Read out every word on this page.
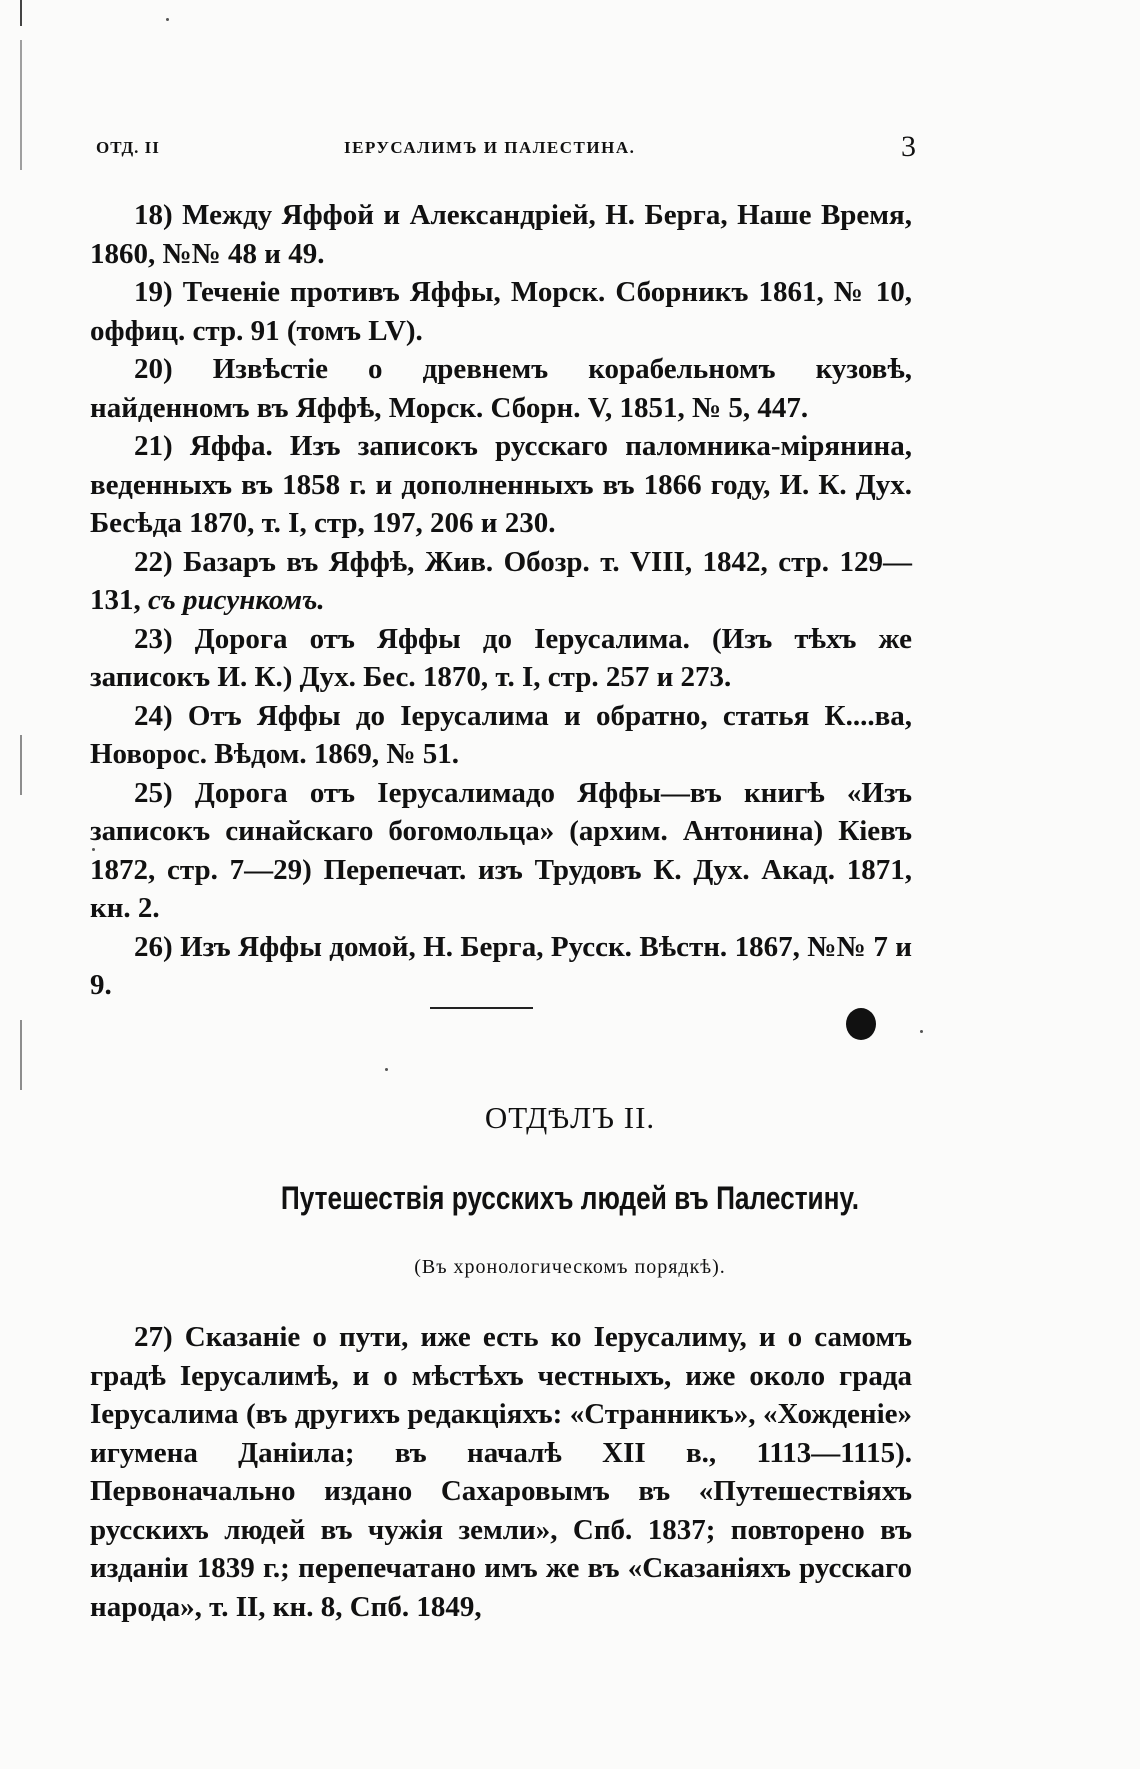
ОТД. II	ІЕРУСАЛИМЪ И ПАЛЕСТИНА.	3

18) Между Яффой и Александріей, Н. Берга, Наше Время, 1860, №№ 48 и 49.

19) Теченіе противъ Яффы, Морск. Сборникъ 1861, № 10, оффиц. стр. 91 (томъ LV).

20) Извѣстіе о древнемъ корабельномъ кузовѣ, найденномъ въ Яффѣ, Морск. Сборн. V, 1851, № 5, 447.

21) Яффа. Изъ записокъ русскаго паломника-мірянина, веденныхъ въ 1858 г. и дополненныхъ въ 1866 году, И. К. Дух. Бесѣда 1870, т. I, стр, 197, 206 и 230.

22) Базаръ въ Яффѣ, Жив. Обозр. т. VIII, 1842, стр. 129—131, съ рисункомъ.

23) Дорога отъ Яффы до Іерусалима. (Изъ тѣхъ же записокъ И. К.) Дух. Бес. 1870, т. I, стр. 257 и 273.

24) Отъ Яффы до Іерусалима и обратно, статья К....ва, Новорос. Вѣдом. 1869, № 51.

25) Дорога отъ Іерусалимадо Яффы—въ книгѣ «Изъ записокъ синайскаго богомольца» (архим. Антонина) Кіевъ 1872, стр. 7—29) Перепечат. изъ Трудовъ К. Дух. Акад. 1871, кн. 2.

26) Изъ Яффы домой, Н. Берга, Русск. Вѣстн. 1867, №№ 7 и 9.

ОТДѢЛЪ II.
Путешествія русскихъ людей въ Палестину.
(Въ хронологическомъ порядкѣ).

27) Сказаніе о пути, иже есть ко Іерусалиму, и о самомъ градѣ Іерусалимѣ, и о мѣстѣхъ честныхъ, иже около града Іерусалима (въ другихъ редакціяхъ: «Странникъ», «Хожденіе» игумена Даніила; въ началѣ XII в., 1113—1115). Первоначально издано Сахаровымъ въ «Путешествіяхъ русскихъ людей въ чужія земли», Спб. 1837; повторено въ изданіи 1839 г.; перепечатано имъ же въ «Сказаніяхъ русскаго народа», т. II, кн. 8, Спб. 1849,
